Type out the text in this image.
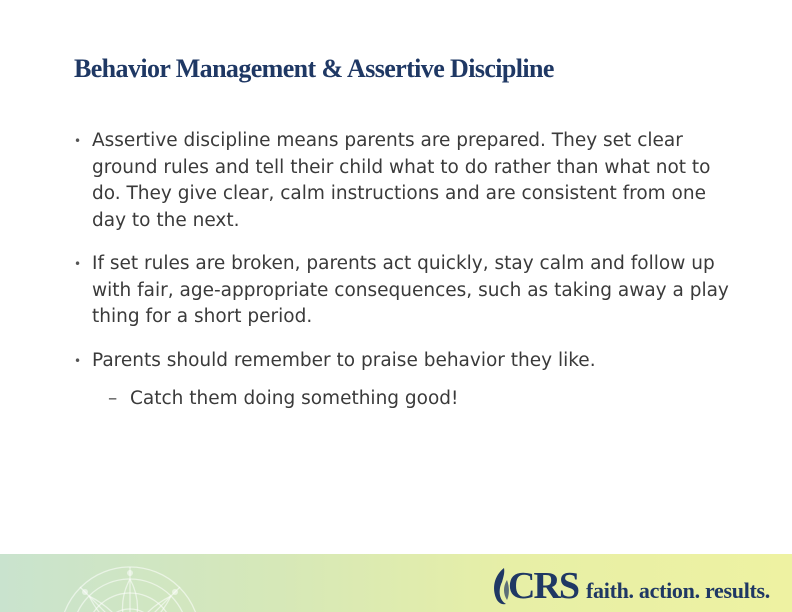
Behavior Management & Assertive Discipline
• Assertive discipline means parents are prepared. They set clear ground rules and tell their child what to do rather than what not to do. They give clear, calm instructions and are consistent from one day to the next.
• If set rules are broken, parents act quickly, stay calm and follow up with fair, age-appropriate consequences, such as taking away a play thing for a short period.
• Parents should remember to praise behavior they like.
– Catch them doing something good!
CRS faith. action. results.
